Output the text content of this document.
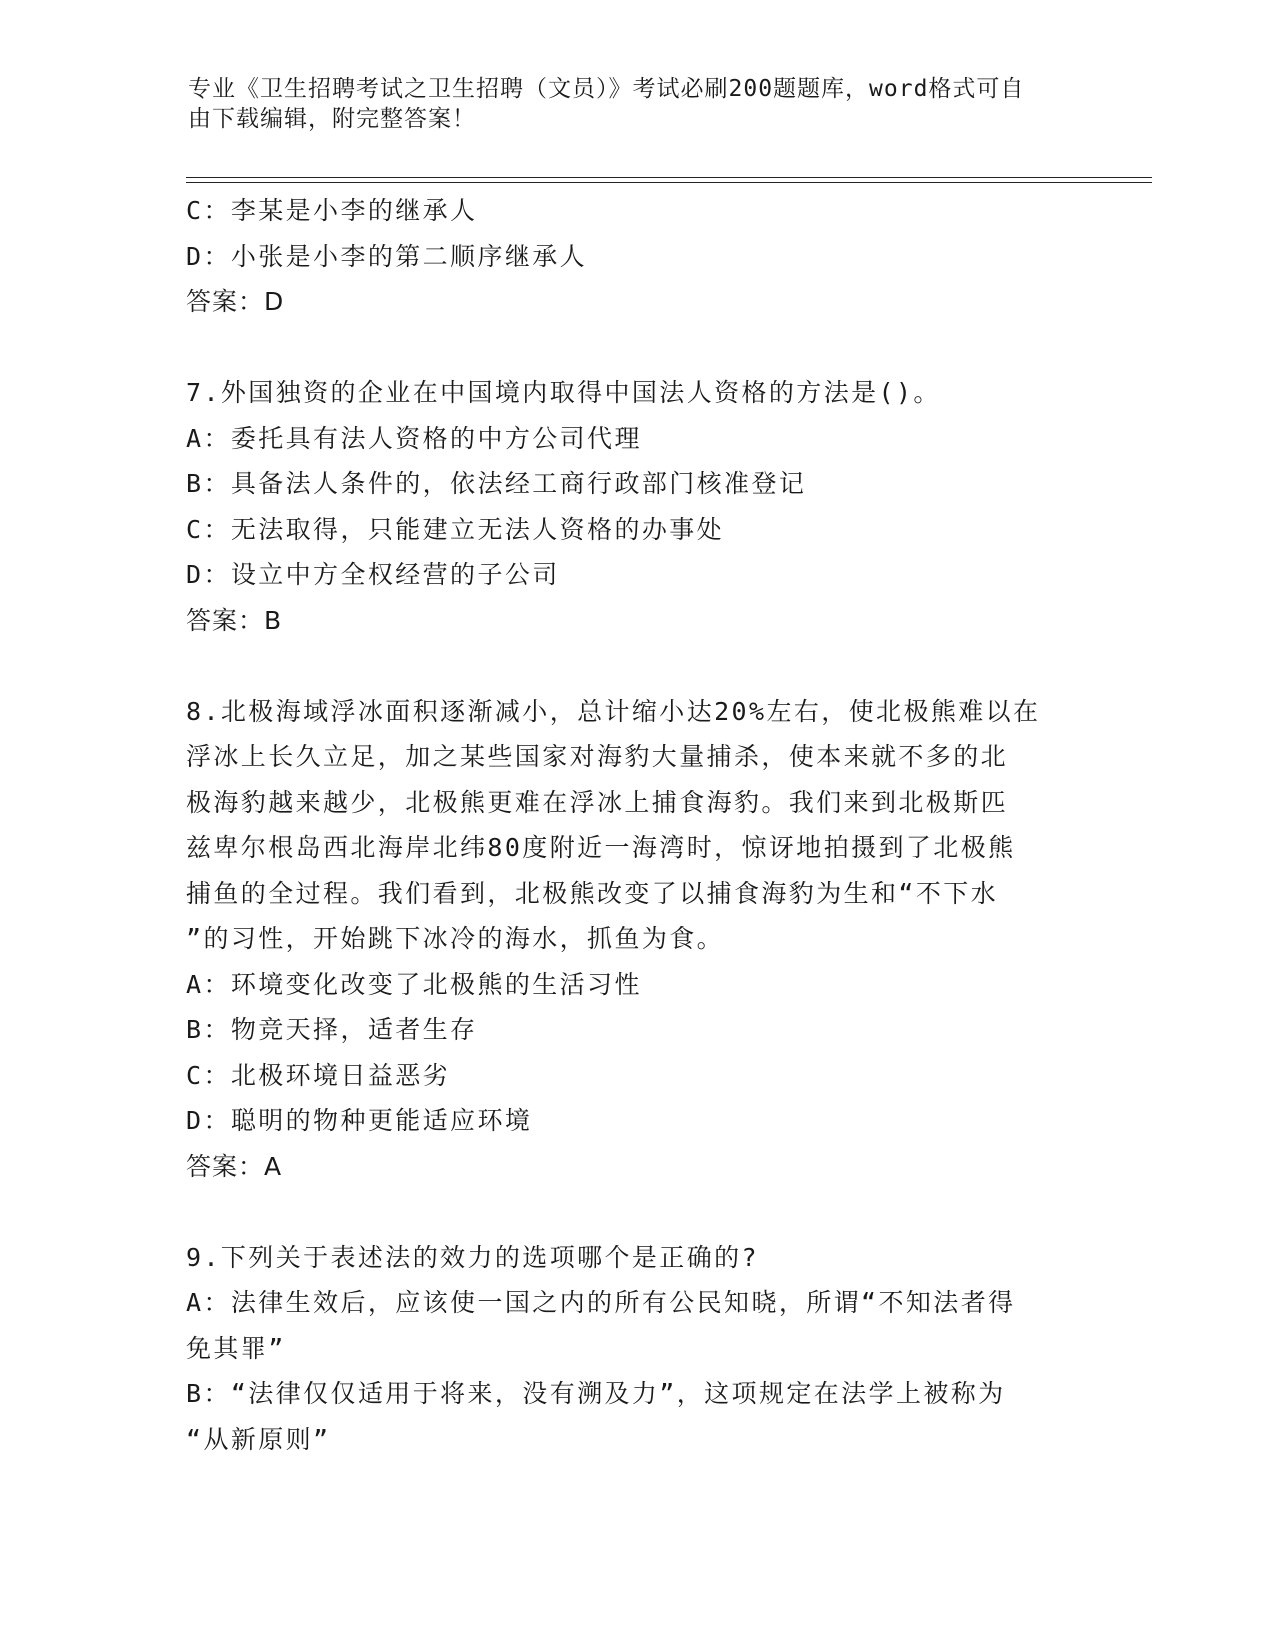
专业《卫生招聘考试之卫生招聘（文员）》考试必刷200题题库，word格式可自
由下载编辑，附完整答案！
C：李某是小李的继承人
D：小张是小李的第二顺序继承人
答案：D
7.外国独资的企业在中国境内取得中国法人资格的方法是()。
A：委托具有法人资格的中方公司代理
B：具备法人条件的，依法经工商行政部门核准登记
C：无法取得，只能建立无法人资格的办事处
D：设立中方全权经营的子公司
答案：B
8.北极海域浮冰面积逐渐减小，总计缩小达20%左右，使北极熊难以在
浮冰上长久立足，加之某些国家对海豹大量捕杀，使本来就不多的北
极海豹越来越少，北极熊更难在浮冰上捕食海豹。我们来到北极斯匹
兹卑尔根岛西北海岸北纬80度附近一海湾时，惊讶地拍摄到了北极熊
捕鱼的全过程。我们看到，北极熊改变了以捕食海豹为生和“不下水
”的习性，开始跳下冰冷的海水，抓鱼为食。
A：环境变化改变了北极熊的生活习性
B：物竞天择，适者生存
C：北极环境日益恶劣
D：聪明的物种更能适应环境
答案：A
9.下列关于表述法的效力的选项哪个是正确的?
A：法律生效后，应该使一国之内的所有公民知晓，所谓“不知法者得
免其罪”
B：“法律仅仅适用于将来，没有溯及力”，这项规定在法学上被称为
“从新原则”
